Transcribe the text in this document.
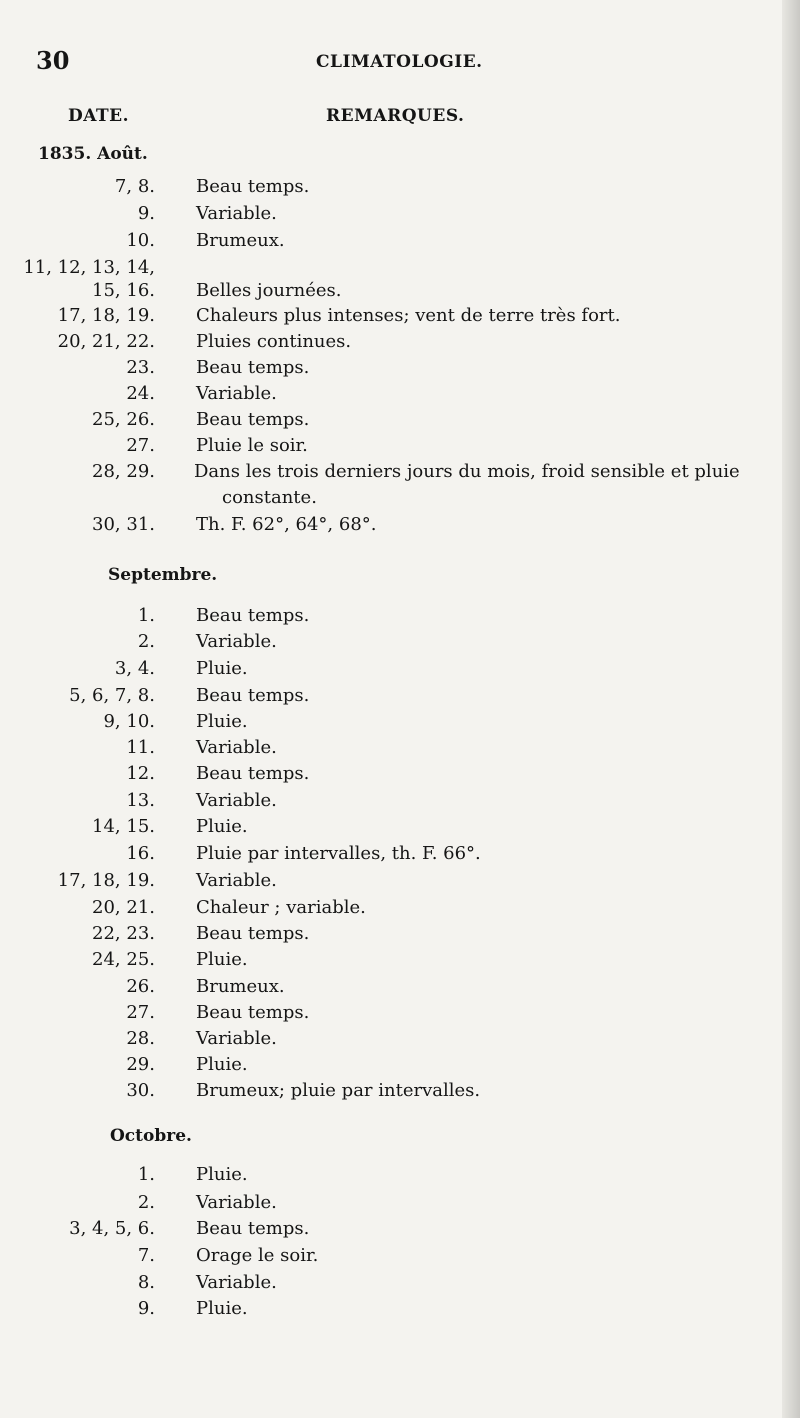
30	CLIMATOLOGIE.
DATE.	REMARQUES.
1835. Août.
7, 8. Beau temps.
9. Variable.
10. Brumeux.
11, 12, 13, 14,
15, 16. Belles journées.
17, 18, 19. Chaleurs plus intenses; vent de terre très fort.
20, 21, 22. Pluies continues.
23. Beau temps.
24. Variable.
25, 26. Beau temps.
27. Pluie le soir.
28, 29. Dans les trois derniers jours du mois, froid sensible et pluie
constante.
30, 31. Th. F. 62°, 64°, 68°.
Septembre.
1. Beau temps.
2. Variable.
3, 4. Pluie.
5, 6, 7, 8. Beau temps.
9, 10. Pluie.
11. Variable.
12. Beau temps.
13. Variable.
14, 15. Pluie.
16. Pluie par intervalles, th. F. 66°.
17, 18, 19. Variable.
20, 21. Chaleur ; variable.
22, 23. Beau temps.
24, 25. Pluie.
26. Brumeux.
27. Beau temps.
28. Variable.
29. Pluie.
30. Brumeux; pluie par intervalles.
Octobre.
1. Pluie.
2. Variable.
3, 4, 5, 6. Beau temps.
7. Orage le soir.
8. Variable.
9. Pluie.
